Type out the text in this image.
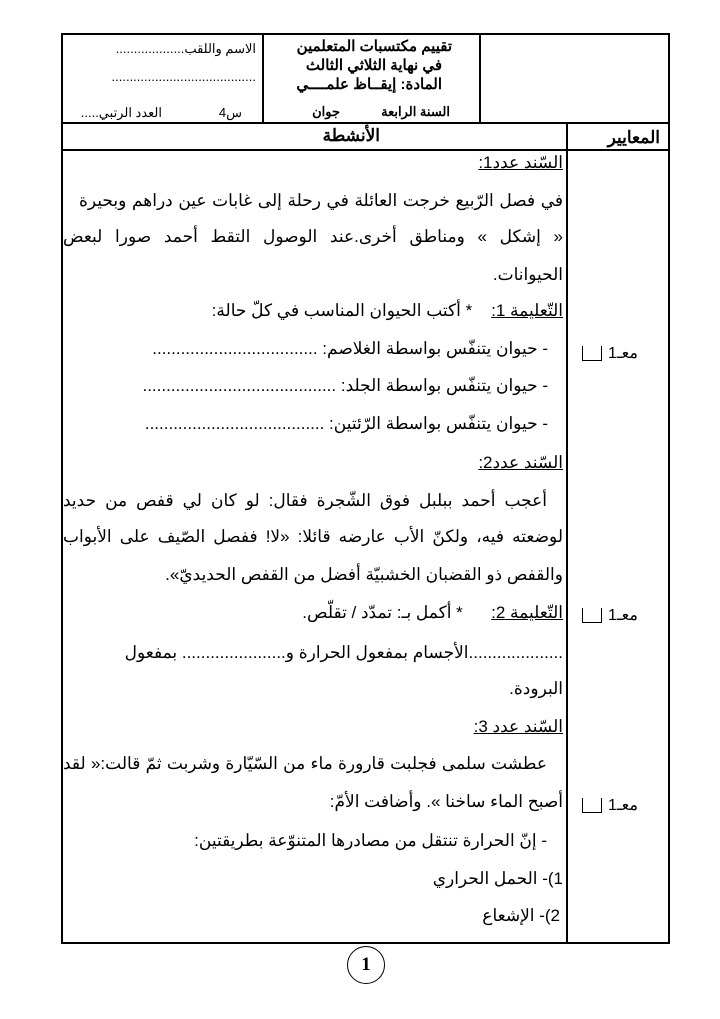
الاسم واللقب...................
........................................
س4
العدد الرتبي.....
تقييم مكتسبات المتعلمين
في نهاية الثلاثي الثالث
المادة: إيقــاظ علمــــي
السنة الرابعة
جوان
الأنشطة	المعايير
السّند عدد1:
في فصل الرّبيع خرجت العائلة في رحلة إلى غابات عين دراهم وبحيرة
« إشكل » ومناطق أخرى.عند الوصول التقط أحمد صورا لبعض
الحيوانات.
التّعليمة 1:    * أكتب الحيوان المناسب في كلّ حالة:
- حيوان يتنفّس بواسطة الغلاصم: ...................................
- حيوان يتنفّس بواسطة الجلد: .........................................
- حيوان يتنفّس بواسطة الرّئتين: ......................................
معـ1
السّند عدد2:
أعجب أحمد ببلبل فوق الشّجرة فقال: لو كان لي قفص من حديد
لوضعته فيه، ولكنّ الأب عارضه قائلا: «لا! ففصل الصّيف على الأبواب
والقفص ذو القضبان الخشبيّة أفضل من القفص الحديديّ».
التّعليمة 2:      * أكمل بـ: تمدّد / تقلّص.
....................الأجسام بمفعول الحرارة و...................... بمفعول
البرودة.
معـ1
السّند عدد 3:
عطشت سلمى فجلبت قارورة ماء من السّيّارة وشربت ثمّ قالت:« لقد
أصبح الماء ساخنا ». وأضافت الأمّ:
- إنّ الحرارة تنتقل من مصادرها المتنوّعة بطريقتين:
1)- الحمل الحراري
2)- الإشعاع
معـ1
1
